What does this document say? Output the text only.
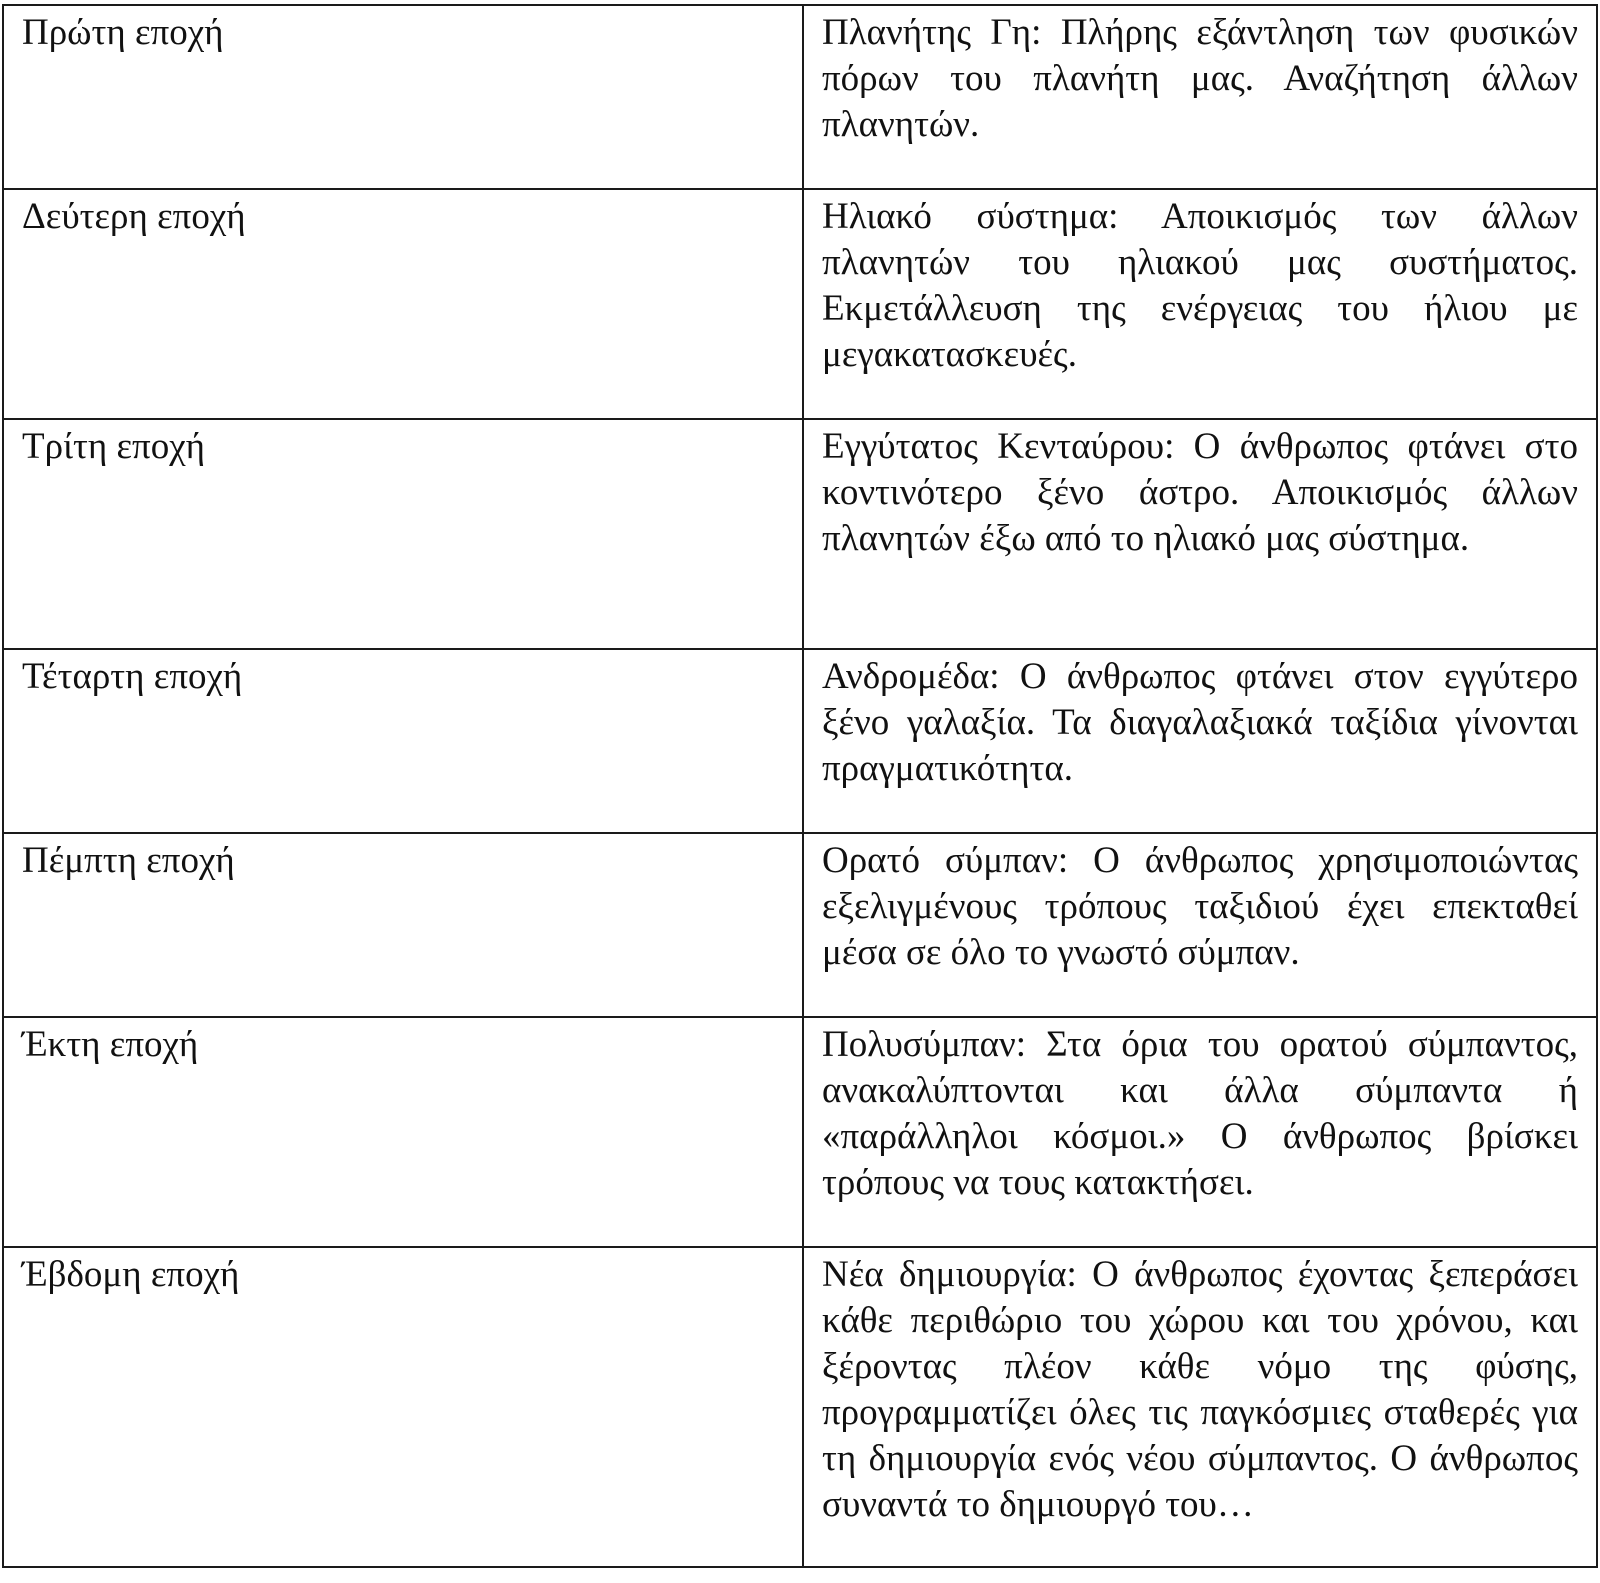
Πρώτη εποχή	Πλανήτης Γη: Πλήρης εξάντληση των φυσικών πόρων του πλανήτη μας. Αναζήτηση άλλων πλανητών.
Δεύτερη εποχή	Ηλιακό σύστημα: Αποικισμός των άλλων πλανητών του ηλιακού μας συστήματος. Εκμετάλλευση της ενέργειας του ήλιου με μεγακατασκευές.
Τρίτη εποχή	Εγγύτατος Κενταύρου: Ο άνθρωπος φτάνει στο κοντινότερο ξένο άστρο. Αποικισμός άλλων πλανητών έξω από το ηλιακό μας σύστημα.
Τέταρτη εποχή	Ανδρομέδα: Ο άνθρωπος φτάνει στον εγγύτερο ξένο γαλαξία. Τα διαγαλαξιακά ταξίδια γίνονται πραγματικότητα.
Πέμπτη εποχή	Ορατό σύμπαν: Ο άνθρωπος χρησιμοποιώντας εξελιγμένους τρόπους ταξιδιού έχει επεκταθεί μέσα σε όλο το γνωστό σύμπαν.
Έκτη εποχή	Πολυσύμπαν: Στα όρια του ορατού σύμπαντος, ανακαλύπτονται και άλλα σύμπαντα ή «παράλληλοι κόσμοι.» Ο άνθρωπος βρίσκει τρόπους να τους κατακτήσει.
Έβδομη εποχή	Νέα δημιουργία: Ο άνθρωπος έχοντας ξεπεράσει κάθε περιθώριο του χώρου και του χρόνου, και ξέροντας πλέον κάθε νόμο της φύσης, προγραμματίζει όλες τις παγκόσμιες σταθερές για τη δημιουργία ενός νέου σύμπαντος. Ο άνθρωπος συναντά το δημιουργό του…
